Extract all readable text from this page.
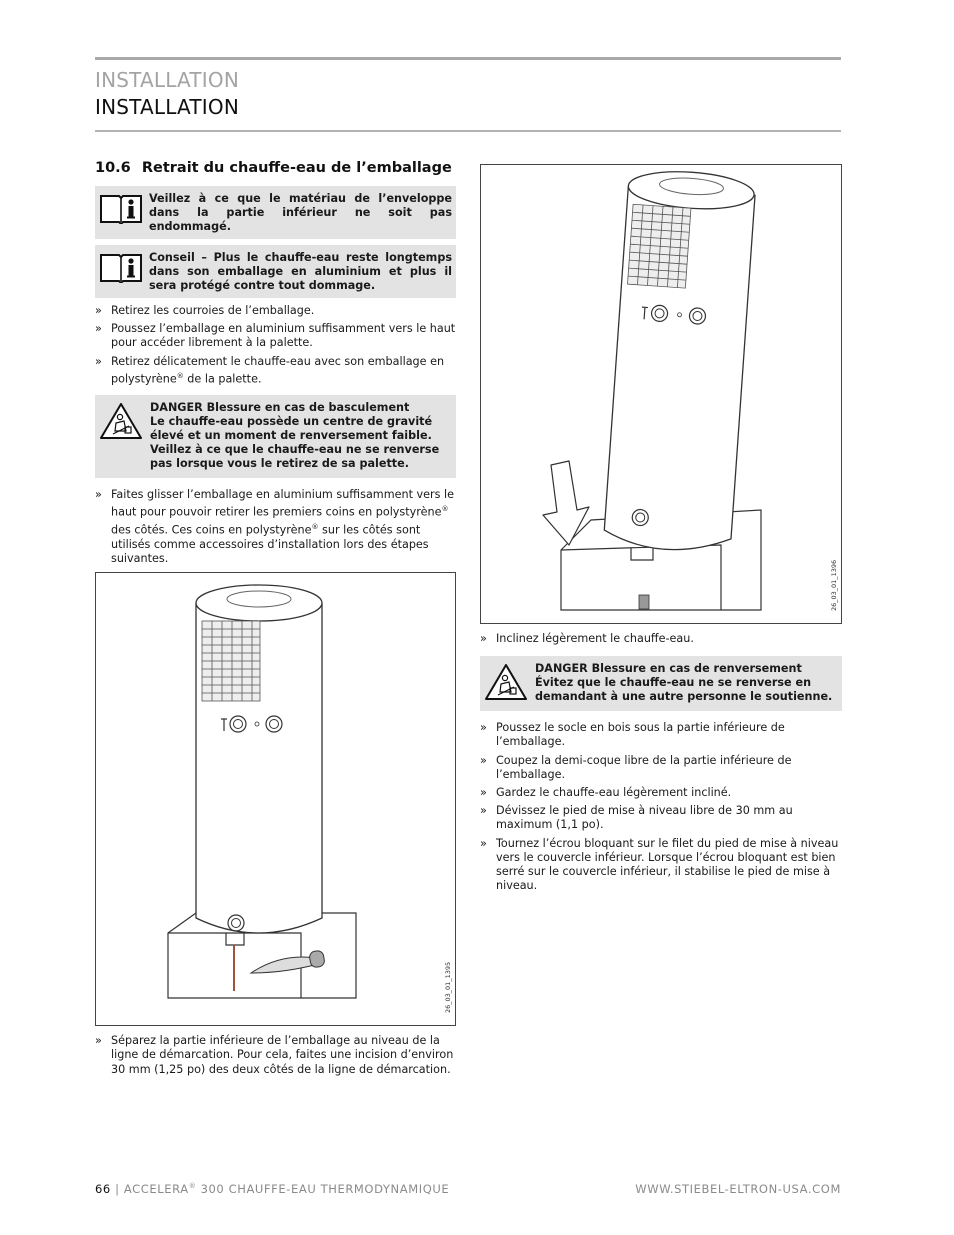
INSTALLATION
INSTALLATION
10.6 Retrait du chauffe-eau de l’emballage
Veillez à ce que le matériau de l’enveloppe dans la partie inférieur ne soit pas endommagé.
Conseil – Plus le chauffe-eau reste longtemps dans son emballage en aluminium et plus il sera protégé contre tout dommage.
» Retirez les courroies de l’emballage.
» Poussez l’emballage en aluminium suffisamment vers le haut pour accéder librement à la palette.
» Retirez délicatement le chauffe-eau avec son emballage en polystyrène® de la palette.
DANGER Blessure en cas de basculement
Le chauffe-eau possède un centre de gravité élevé et un moment de renversement faible. Veillez à ce que le chauffe-eau ne se renverse pas lorsque vous le retirez de sa palette.
» Faites glisser l’emballage en aluminium suffisamment vers le haut pour pouvoir retirer les premiers coins en polystyrène® des côtés. Ces coins en polystyrène® sur les côtés sont utilisés comme accessoires d’installation lors des étapes suivantes.
26_03_01_1395
» Séparez la partie inférieure de l’emballage au niveau de la ligne de démarcation. Pour cela, faites une incision d’environ 30 mm (1,25 po) des deux côtés de la ligne de démarcation.
26_03_01_1396
» Inclinez légèrement le chauffe-eau.
DANGER Blessure en cas de renversement
Évitez que le chauffe-eau ne se renverse en demandant à une autre personne le soutienne.
» Poussez le socle en bois sous la partie inférieure de l’emballage.
» Coupez la demi-coque libre de la partie inférieure de l’emballage.
» Gardez le chauffe-eau légèrement incliné.
» Dévissez le pied de mise à niveau libre de 30 mm au maximum (1,1 po).
» Tournez l’écrou bloquant sur le filet du pied de mise à niveau vers le couvercle inférieur. Lorsque l’écrou bloquant est bien serré sur le couvercle inférieur, il stabilise le pied de mise à niveau.
66 | ACCELERA® 300 CHAUFFE-EAU THERMODYNAMIQUE	WWW.STIEBEL-ELTRON-USA.COM
